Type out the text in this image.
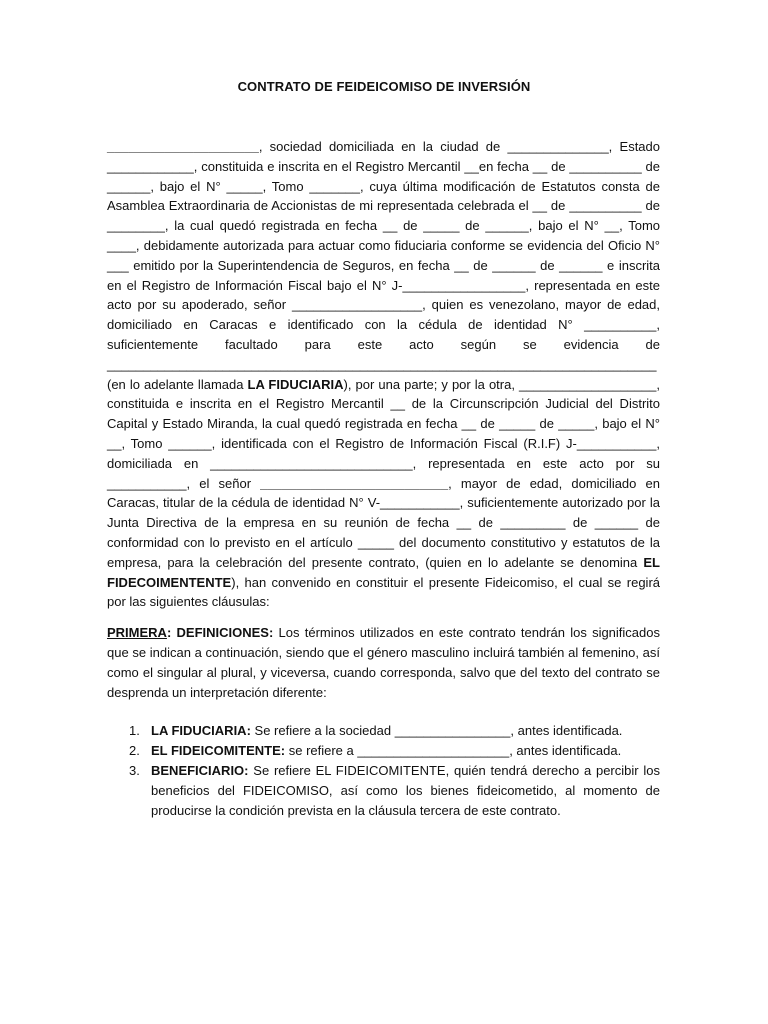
CONTRATO DE FEIDEICOMISO DE INVERSIÓN

_____________________, sociedad domiciliada en la ciudad de ______________, Estado ____________, constituida e inscrita en el Registro Mercantil __en fecha __ de __________ de ______, bajo el N° _____, Tomo _______, cuya última modificación de Estatutos consta de Asamblea Extraordinaria de Accionistas de mi representada celebrada el __ de __________ de ________, la cual quedó registrada en fecha __ de _____ de ______, bajo el N° __, Tomo ____, debidamente autorizada para actuar como fiduciaria conforme se evidencia del Oficio N° ___ emitido por la Superintendencia de Seguros, en fecha __ de ______ de ______ e inscrita en el Registro de Información Fiscal bajo el N° J-_________________, representada en este acto por su apoderado, señor __________________, quien es venezolano, mayor de edad, domiciliado en Caracas e identificado con la cédula de identidad N° __________, suficientemente facultado para este acto según se evidencia de ____________________________________________________________________________ (en lo adelante llamada LA FIDUCIARIA), por una parte; y por la otra, ___________________, constituida e inscrita en el Registro Mercantil __ de la Circunscripción Judicial del Distrito Capital y Estado Miranda, la cual quedó registrada en fecha __ de _____ de _____, bajo el N° __, Tomo ______, identificada con el Registro de Información Fiscal (R.I.F) J-___________, domiciliada en ____________________________, representada en este acto por su ___________, el señor __________________________, mayor de edad, domiciliado en Caracas, titular de la cédula de identidad N° V-___________, suficientemente autorizado por la Junta Directiva de la empresa en su reunión de fecha __ de _________ de ______ de conformidad con lo previsto en el artículo _____ del documento constitutivo y estatutos de la empresa, para la celebración del presente contrato, (quien en lo adelante se denomina EL FIDECOIMENTENTE), han convenido en constituir el presente Fideicomiso, el cual se regirá por las siguientes cláusulas:

PRIMERA: DEFINICIONES: Los términos utilizados en este contrato tendrán los significados que se indican a continuación, siendo que el género masculino incluirá también al femenino, así como el singular al plural, y viceversa, cuando corresponda, salvo que del texto del contrato se desprenda un interpretación diferente:

1. LA FIDUCIARIA: Se refiere a la sociedad ________________, antes identificada.
2. EL FIDEICOMITENTE: se refiere a _____________________, antes identificada.
3. BENEFICIARIO: Se refiere EL FIDEICOMITENTE, quién tendrá derecho a percibir los beneficios del FIDEICOMISO, así como los bienes fideicometido, al momento de producirse la condición prevista en la cláusula tercera de este contrato.
